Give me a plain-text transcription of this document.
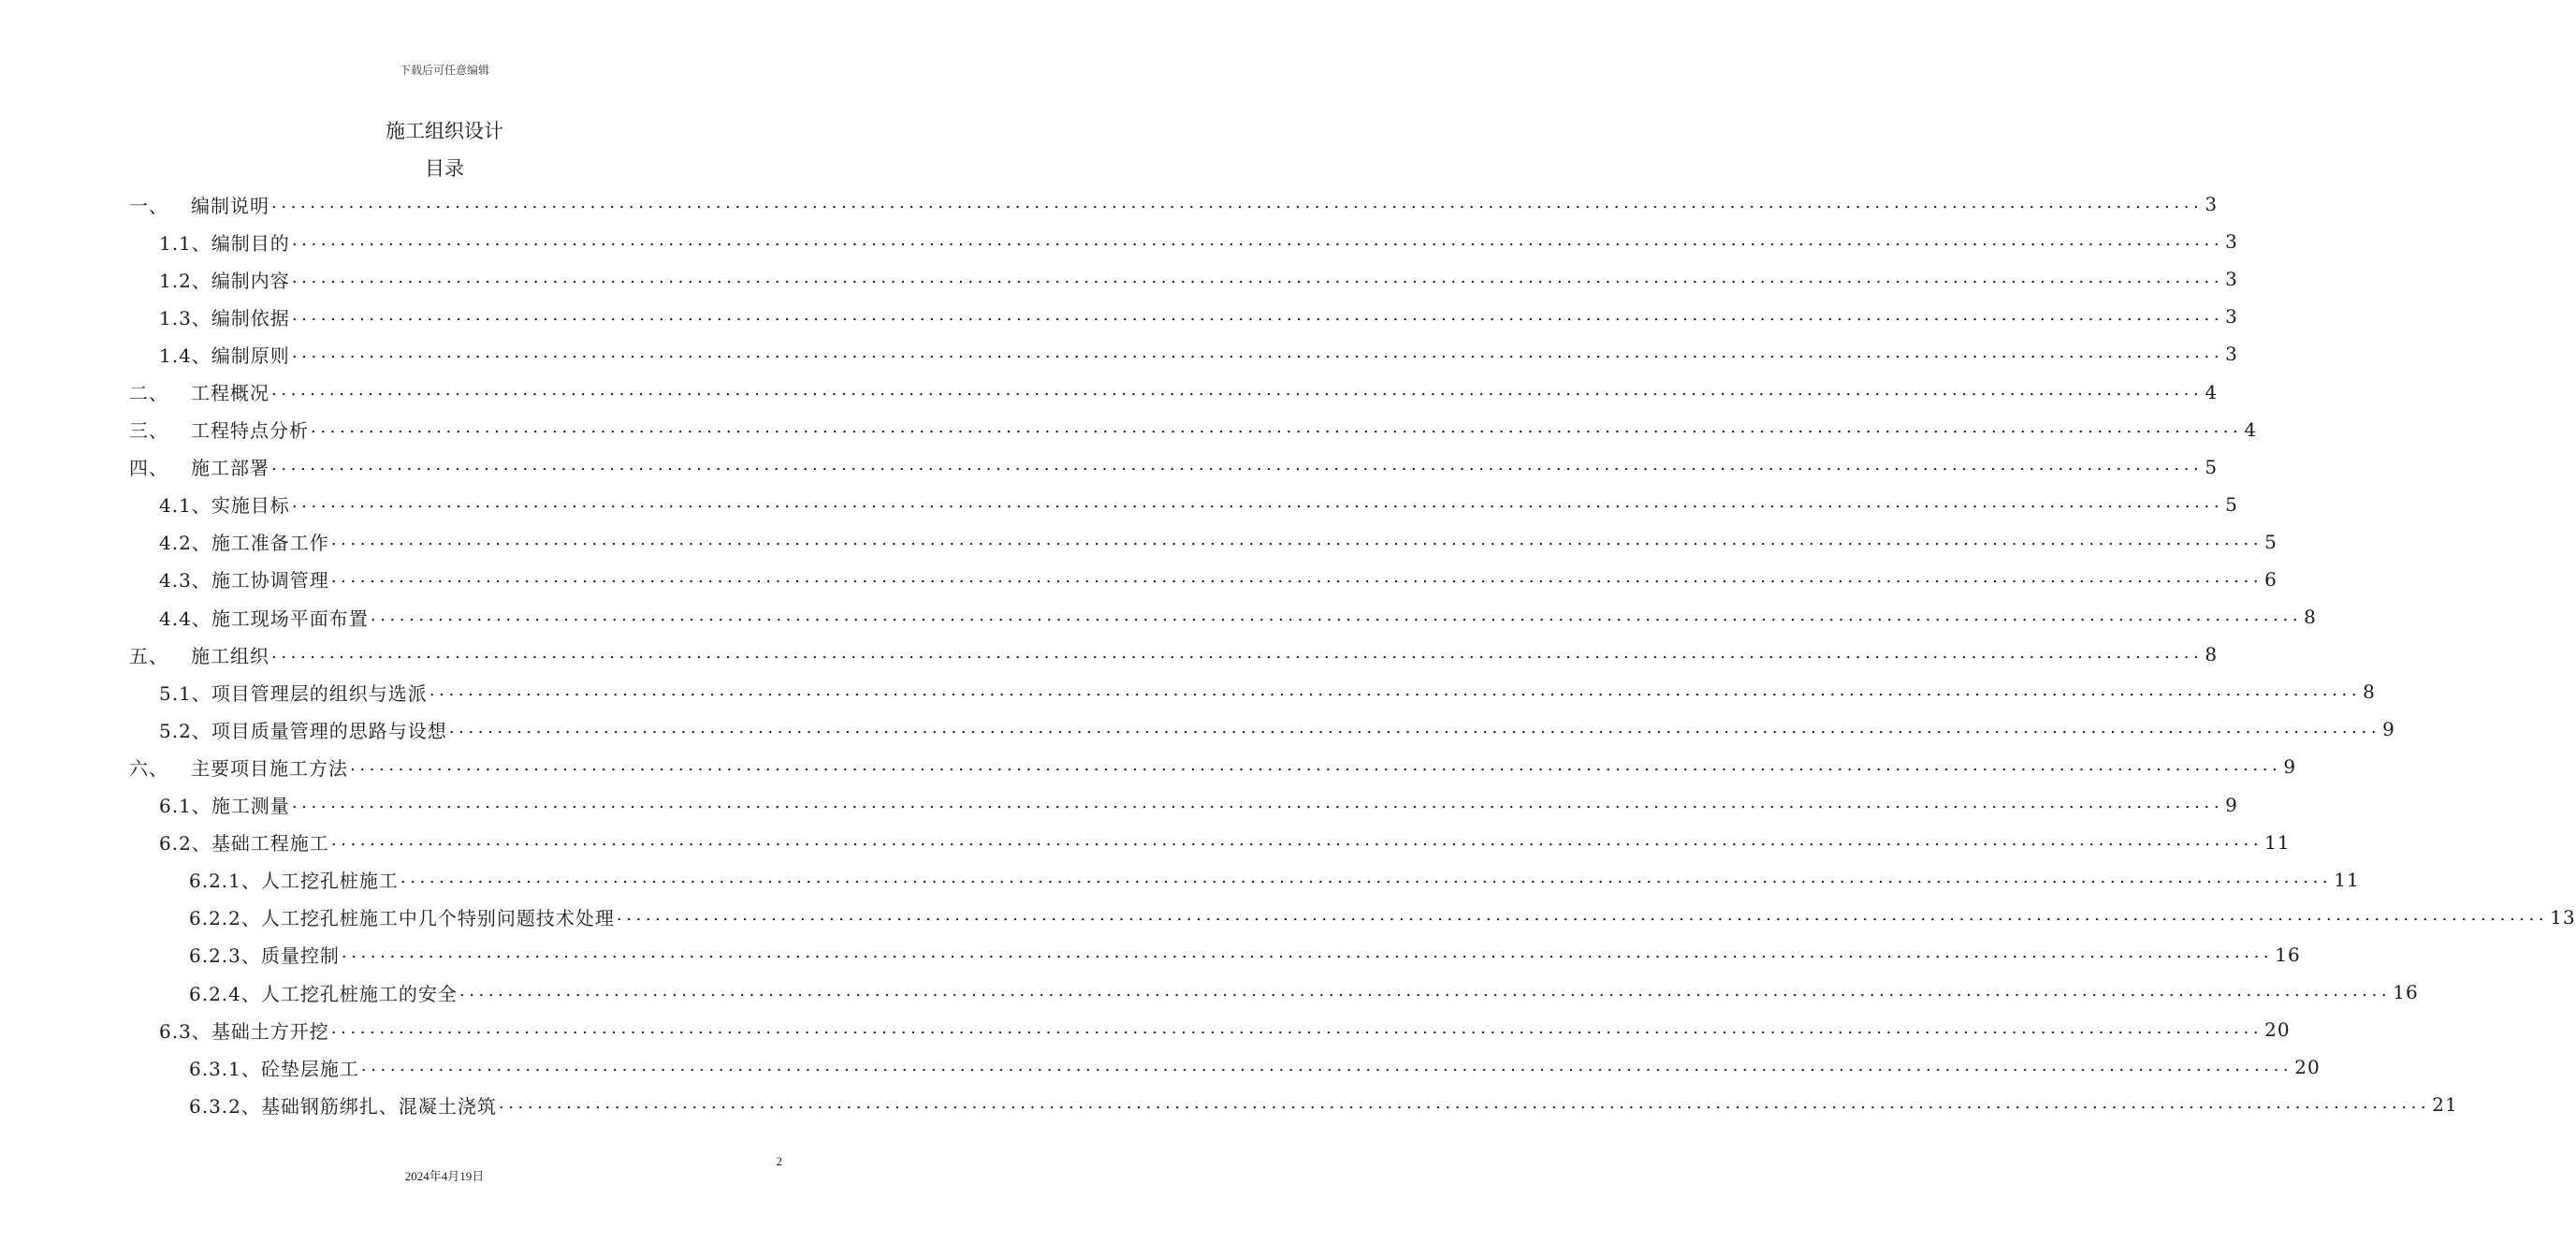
下载后可任意编辑
施工组织设计
目录
一、	编制说明 ........................................................................................................................................................................................................ 3
1.1、 编制目的 ........................................................................................................................................................................................................ 3
1.2、 编制内容 ........................................................................................................................................................................................................ 3
1.3、 编制依据 ........................................................................................................................................................................................................ 3
1.4、 编制原则 ........................................................................................................................................................................................................ 3
二、	工程概况 ........................................................................................................................................................................................................ 4
三、	工程特点分析 ........................................................................................................................................................................................................ 4
四、	施工部署 ........................................................................................................................................................................................................ 5
4.1、 实施目标 ........................................................................................................................................................................................................ 5
4.2、 施工准备工作 ........................................................................................................................................................................................................ 5
4.3、 施工协调管理 ........................................................................................................................................................................................................ 6
4.4、 施工现场平面布置 ........................................................................................................................................................................................................ 8
五、	施工组织 ........................................................................................................................................................................................................ 8
5.1、 项目管理层的组织与选派 ........................................................................................................................................................................................................ 8
5.2、 项目质量管理的思路与设想 ........................................................................................................................................................................................................ 9
六、	主要项目施工方法 ........................................................................................................................................................................................................ 9
6.1、 施工测量 ........................................................................................................................................................................................................ 9
6.2、 基础工程施工 ........................................................................................................................................................................................................ 11
6.2.1、 人工挖孔桩施工 ........................................................................................................................................................................................................ 11
6.2.2、 人工挖孔桩施工中几个特别问题技术处理 ........................................................................................................................................................................................................ 13
6.2.3、 质量控制 ........................................................................................................................................................................................................ 16
6.2.4、 人工挖孔桩施工的安全 ........................................................................................................................................................................................................ 16
6.3、 基础土方开挖 ........................................................................................................................................................................................................ 20
6.3.1、 砼垫层施工 ........................................................................................................................................................................................................ 20
6.3.2、 基础钢筋绑扎、混凝土浇筑 ........................................................................................................................................................................................................ 21
2
2024年4月19日
